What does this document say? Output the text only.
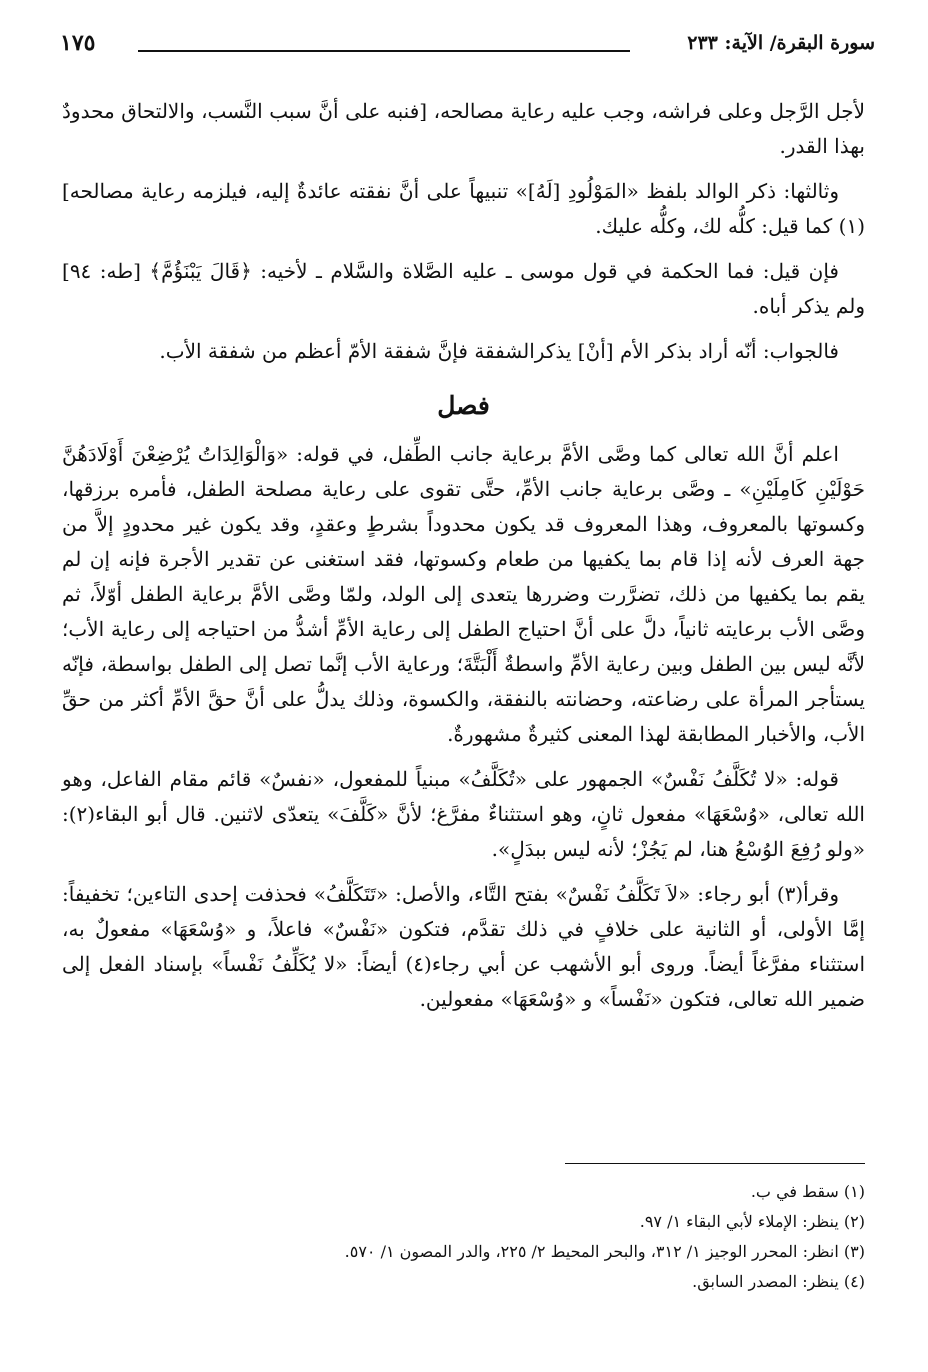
سورة البقرة/ الآية: ٢٣٣
١٧٥

لأجل الرَّجل وعلى فراشه، وجب عليه رعاية مصالحه، [فنبه على أنَّ سبب النَّسب، والالتحاق محدودٌ بهذا القدر.

وثالثها: ذكر الوالد بلفظ «المَوْلُودِ [لَهُ]» تنبيهاً على أنَّ نفقته عائدةٌ إليه، فيلزمه رعاية مصالحه](١) كما قيل: كلُّه لك، وكلُّه عليك.

فإن قيل: فما الحكمة في قول موسى ـ عليه الصَّلاة والسَّلام ـ لأخيه: ﴿قَالَ يَبْنَؤُمَّ﴾ [طه: ٩٤] ولم يذكر أباه.

فالجواب: أنّه أراد بذكر الأم [أنْ] يذكرالشفقة فإنَّ شفقة الأمّ أعظم من شفقة الأب.

فصل

اعلم أنَّ الله تعالى كما وصَّى الأمَّ برعاية جانب الطِّفل، في قوله: «وَالْوَالِدَاتُ يُرْضِعْنَ أَوْلَادَهُنَّ حَوْلَيْنِ كَامِلَيْنِ» ـ وصَّى برعاية جانب الأمِّ، حتَّى تقوى على رعاية مصلحة الطفل، فأمره برزقها، وكسوتها بالمعروف، وهذا المعروف قد يكون محدوداً بشرطٍ وعقدٍ، وقد يكون غير محدودٍ إلاَّ من جهة العرف لأنه إذا قام بما يكفيها من طعام وكسوتها، فقد استغنى عن تقدير الأجرة فإنه إن لم يقم بما يكفيها من ذلك، تضرَّرت وضررها يتعدى إلى الولد، ولمّا وصَّى الأمَّ برعاية الطفل أوّلاً، ثم وصَّى الأب برعايته ثانياً، دلَّ على أنَّ احتياج الطفل إلى رعاية الأمِّ أشدُّ من احتياجه إلى رعاية الأب؛ لأنَّه ليس بين الطفل وبين رعاية الأمِّ واسطةٌ أَلْبَتَّةَ؛ ورعاية الأب إنَّما تصل إلى الطفل بواسطة، فإنّه يستأجر المرأة على رضاعته، وحضانته بالنفقة، والكسوة، وذلك يدلُّ على أنَّ حقَّ الأمِّ أكثر من حقِّ الأب، والأخبار المطابقة لهذا المعنى كثيرةٌ مشهورةٌ.

قوله: «لا تُكَلَّفُ نَفْسٌ» الجمهور على «تُكَلَّفُ» مبنياً للمفعول، «نفسٌ» قائم مقام الفاعل، وهو الله تعالى، «وُسْعَهَا» مفعول ثانٍ، وهو استثناءٌ مفرَّغ؛ لأنَّ «كَلَّفَ» يتعدّى لاثنين. قال أبو البقاء(٢): «ولو رُفِعَ الوُسْعُ هنا، لم يَجُزْ؛ لأنه ليس ببدَلٍ».

وقرأ(٣) أبو رجاء: «لاَ تَكَلَّفُ نَفْسٌ» بفتح التَّاء، والأصل: «تَتَكَلَّفُ» فحذفت إحدى التاءين؛ تخفيفاً: إمَّا الأولى، أو الثانية على خلافٍ في ذلك تقدَّم، فتكون «نَفْسٌ» فاعلاً، و «وُسْعَهَا» مفعولٌ به، استثناء مفرَّغاً أيضاً. وروى أبو الأشهب عن أبي رجاء(٤) أيضاً: «لا يُكَلِّفُ نَفْساً» بإسناد الفعل إلى ضمير الله تعالى، فتكون «نَفْساً» و «وُسْعَهَا» مفعولين.

(١) سقط في ب.
(٢) ينظر: الإملاء لأبي البقاء ١/ ٩٧.
(٣) انظر: المحرر الوجيز ١/ ٣١٢، والبحر المحيط ٢/ ٢٢٥، والدر المصون ١/ ٥٧٠.
(٤) ينظر: المصدر السابق.
